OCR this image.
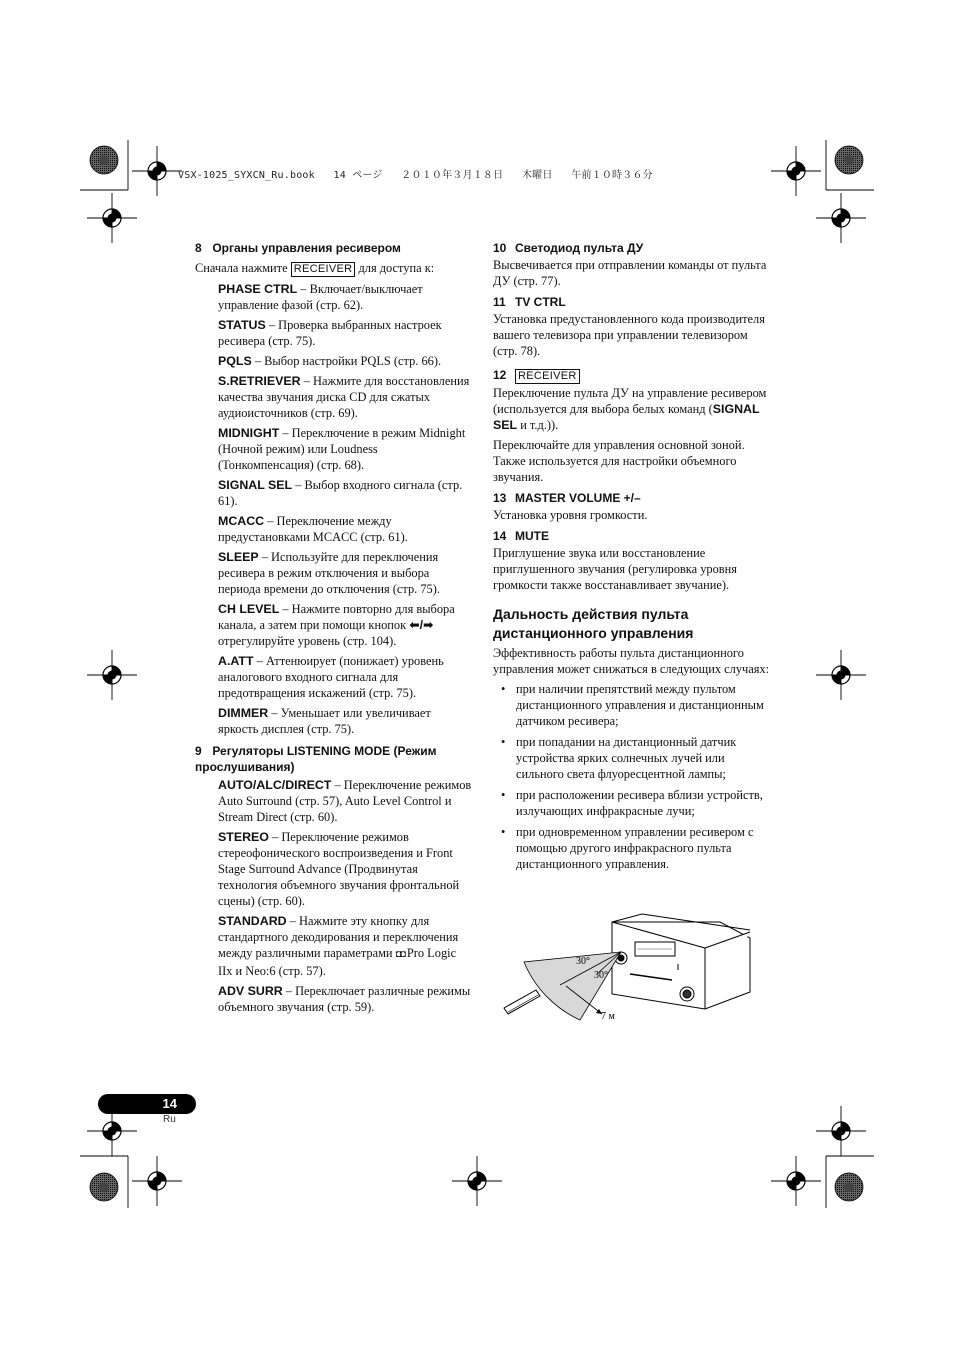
VSX-1025_SYXCN_Ru.book 14 ページ ２０１０年３月１８日 木曜日 午前１０時３６分
8 Органы управления ресивером
Сначала нажмите RECEIVER для доступа к:
PHASE CTRL – Включает/выключает управление фазой (стр. 62).
STATUS – Проверка выбранных настроек ресивера (стр. 75).
PQLS – Выбор настройки PQLS (стр. 66).
S.RETRIEVER – Нажмите для восстановления качества звучания диска CD для сжатых аудиоисточников (стр. 69).
MIDNIGHT – Переключение в режим Midnight (Ночной режим) или Loudness (Тонкомпенсация) (стр. 68).
SIGNAL SEL – Выбор входного сигнала (стр. 61).
MCACC – Переключение между предустановками MCACC (стр. 61).
SLEEP – Используйте для переключения ресивера в режим отключения и выбора периода времени до отключения (стр. 75).
CH LEVEL – Нажмите повторно для выбора канала, а затем при помощи кнопок ⬅/➡ отрегулируйте уровень (стр. 104).
A.ATT – Аттенюирует (понижает) уровень аналогового входного сигнала для предотвращения искажений (стр. 75).
DIMMER – Уменьшает или увеличивает яркость дисплея (стр. 75).
9 Регуляторы LISTENING MODE (Режим прослушивания)
AUTO/ALC/DIRECT – Переключение режимов Auto Surround (стр. 57), Auto Level Control и Stream Direct (стр. 60).
STEREO – Переключение режимов стереофонического воспроизведения и Front Stage Surround Advance (Продвинутая технология объемного звучания фронтальной сцены) (стр. 60).
STANDARD – Нажмите эту кнопку для стандартного декодирования и переключения между различными параметрами ◘◘ Pro Logic IIx и Neo:6 (стр. 57).
ADV SURR – Переключает различные режимы объемного звучания (стр. 59).
10 Светодиод пульта ДУ
Высвечивается при отправлении команды от пульта ДУ (стр. 77).
11 TV CTRL
Установка предустановленного кода производителя вашего телевизора при управлении телевизором (стр. 78).
12 RECEIVER
Переключение пульта ДУ на управление ресивером (используется для выбора белых команд (SIGNAL SEL и т.д.)).
Переключайте для управления основной зоной. Также используется для настройки объемного звучания.
13 MASTER VOLUME +/–
Установка уровня громкости.
14 MUTE
Приглушение звука или восстановление приглушенного звучания (регулировка уровня громкости также восстанавливает звучание).
Дальность действия пульта дистанционного управления
Эффективность работы пульта дистанционного управления может снижаться в следующих случаях:
• при наличии препятствий между пультом дистанционного управления и дистанционным датчиком ресивера;
• при попадании на дистанционный датчик устройства ярких солнечных лучей или сильного света флуоресцентной лампы;
• при расположении ресивера вблизи устройств, излучающих инфракрасные лучи;
• при одновременном управлении ресивером с помощью другого инфракрасного пульта дистанционного управления.
30°
30°
7 м
14
Ru
